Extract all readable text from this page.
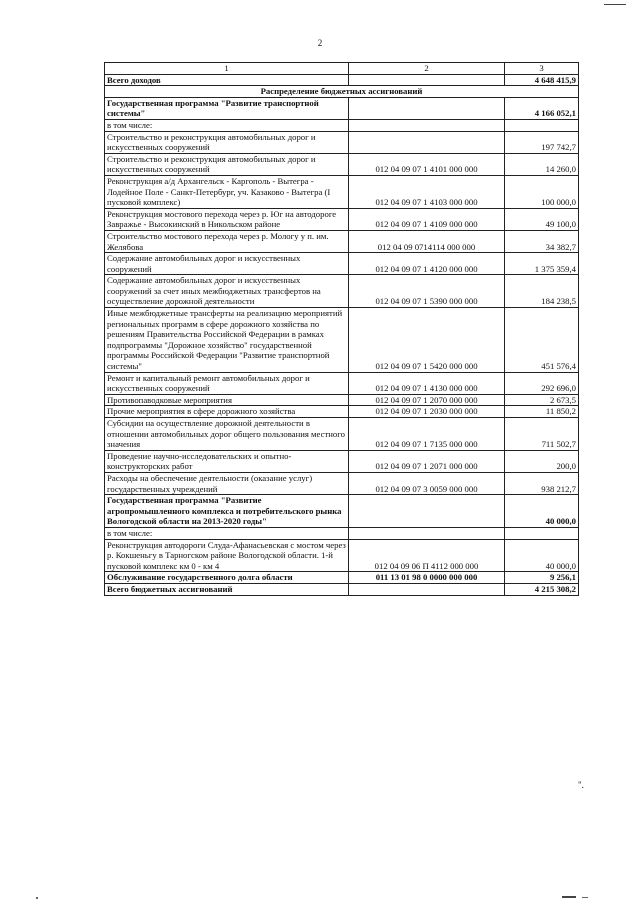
2
1	2	3
Всего доходов		4 648 415,9
Распределение бюджетных ассигнований		
Государственная программа "Развитие транспортной системы"		4 166 052,1
в том числе:		
Строительство и реконструкция автомобильных дорог и искусственных сооружений		197 742,7
Строительство и реконструкция автомобильных дорог и искусственных сооружений	012 04 09 07 1 4101 000 000	14 260,0
Реконструкция а/д Архангельск - Каргополь - Вытегра - Лодейное Поле - Санкт-Петербург, уч. Казаково - Вытегра (I пусковой комплекс)	012 04 09 07 1 4103 000 000	100 000,0
Реконструкция мостового перехода через р. Юг на автодороге Завражье - Высокинский в Никольском районе	012 04 09 07 1 4109 000 000	49 100,0
Строительство мостового перехода через р. Мологу у п. им. Желябова	012 04 09 0714114 000 000	34 382,7
Содержание автомобильных дорог и искусственных сооружений	012 04 09 07 1 4120 000 000	1 375 359,4
Содержание автомобильных дорог и искусственных сооружений за счет иных межбюджетных трансфертов на осуществление дорожной деятельности	012 04 09 07 1 5390 000 000	184 238,5
Иные межбюджетные трансферты на реализацию мероприятий региональных программ в сфере дорожного хозяйства по решениям Правительства Российской Федерации в рамках подпрограммы "Дорожное хозяйство" государственной программы Российской Федерации "Развитие транспортной системы"	012 04 09 07 1 5420 000 000	451 576,4
Ремонт и капитальный ремонт автомобильных дорог и искусственных сооружений	012 04 09 07 1 4130 000 000	292 696,0
Противопаводковые мероприятия	012 04 09 07 1 2070 000 000	2 673,5
Прочие мероприятия в сфере дорожного хозяйства	012 04 09 07 1 2030 000 000	11 850,2
Субсидии на осуществление дорожной деятельности в отношении автомобильных дорог общего пользования местного значения	012 04 09 07 1 7135 000 000	711 502,7
Проведение научно-исследовательских и опытно-конструкторских работ	012 04 09 07 1 2071 000 000	200,0
Расходы на обеспечение деятельности (оказание услуг) государственных учреждений	012 04 09 07 3 0059 000 000	938 212,7
Государственная программа "Развитие агропромышленного комплекса и потребительского рынка Вологодской области на 2013-2020 годы"		40 000,0
в том числе:		
Реконструкция автодороги Слуда-Афанасьевская с мостом через р. Кокшеньгу в Тарногском районе Вологодской области. 1-й пусковой комплекс км 0 - км 4	012 04 09 06 П 4112 000 000	40 000,0
Обслуживание государственного долга области	011 13 01 98 0 0000 000 000	9 256,1
Всего бюджетных ассигнований		4 215 308,2
".
